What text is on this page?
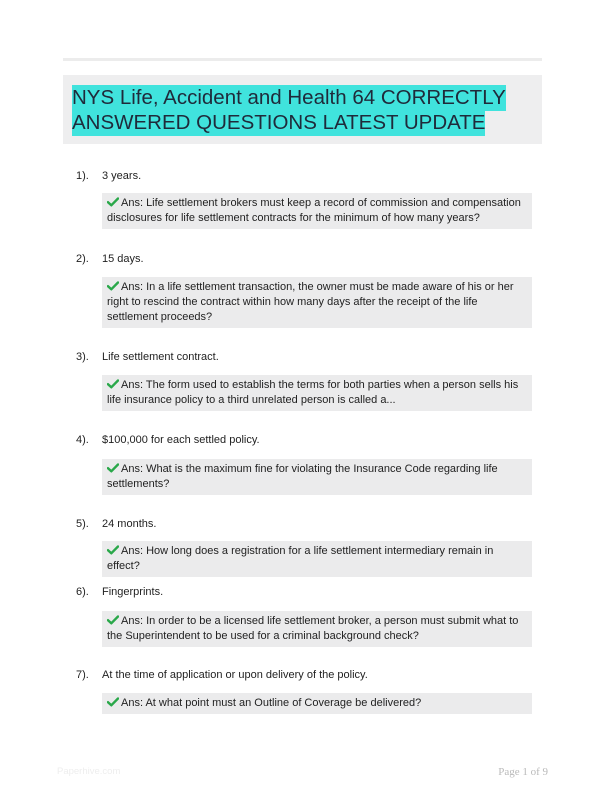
NYS Life, Accident and Health 64 CORRECTLY
ANSWERED QUESTIONS LATEST UPDATE
1). 3 years.
Ans: Life settlement brokers must keep a record of commission and compensation disclosures for life settlement contracts for the minimum of how many years?
2). 15 days.
Ans: In a life settlement transaction, the owner must be made aware of his or her right to rescind the contract within how many days after the receipt of the life settlement proceeds?
3). Life settlement contract.
Ans: The form used to establish the terms for both parties when a person sells his life insurance policy to a third unrelated person is called a...
4). $100,000 for each settled policy.
Ans: What is the maximum fine for violating the Insurance Code regarding life settlements?
5). 24 months.
Ans: How long does a registration for a life settlement intermediary remain in effect?
6). Fingerprints.
Ans: In order to be a licensed life settlement broker, a person must submit what to the Superintendent to be used for a criminal background check?
7). At the time of application or upon delivery of the policy.
Ans: At what point must an Outline of Coverage be delivered?
Paperhive.com	Page 1 of 9
